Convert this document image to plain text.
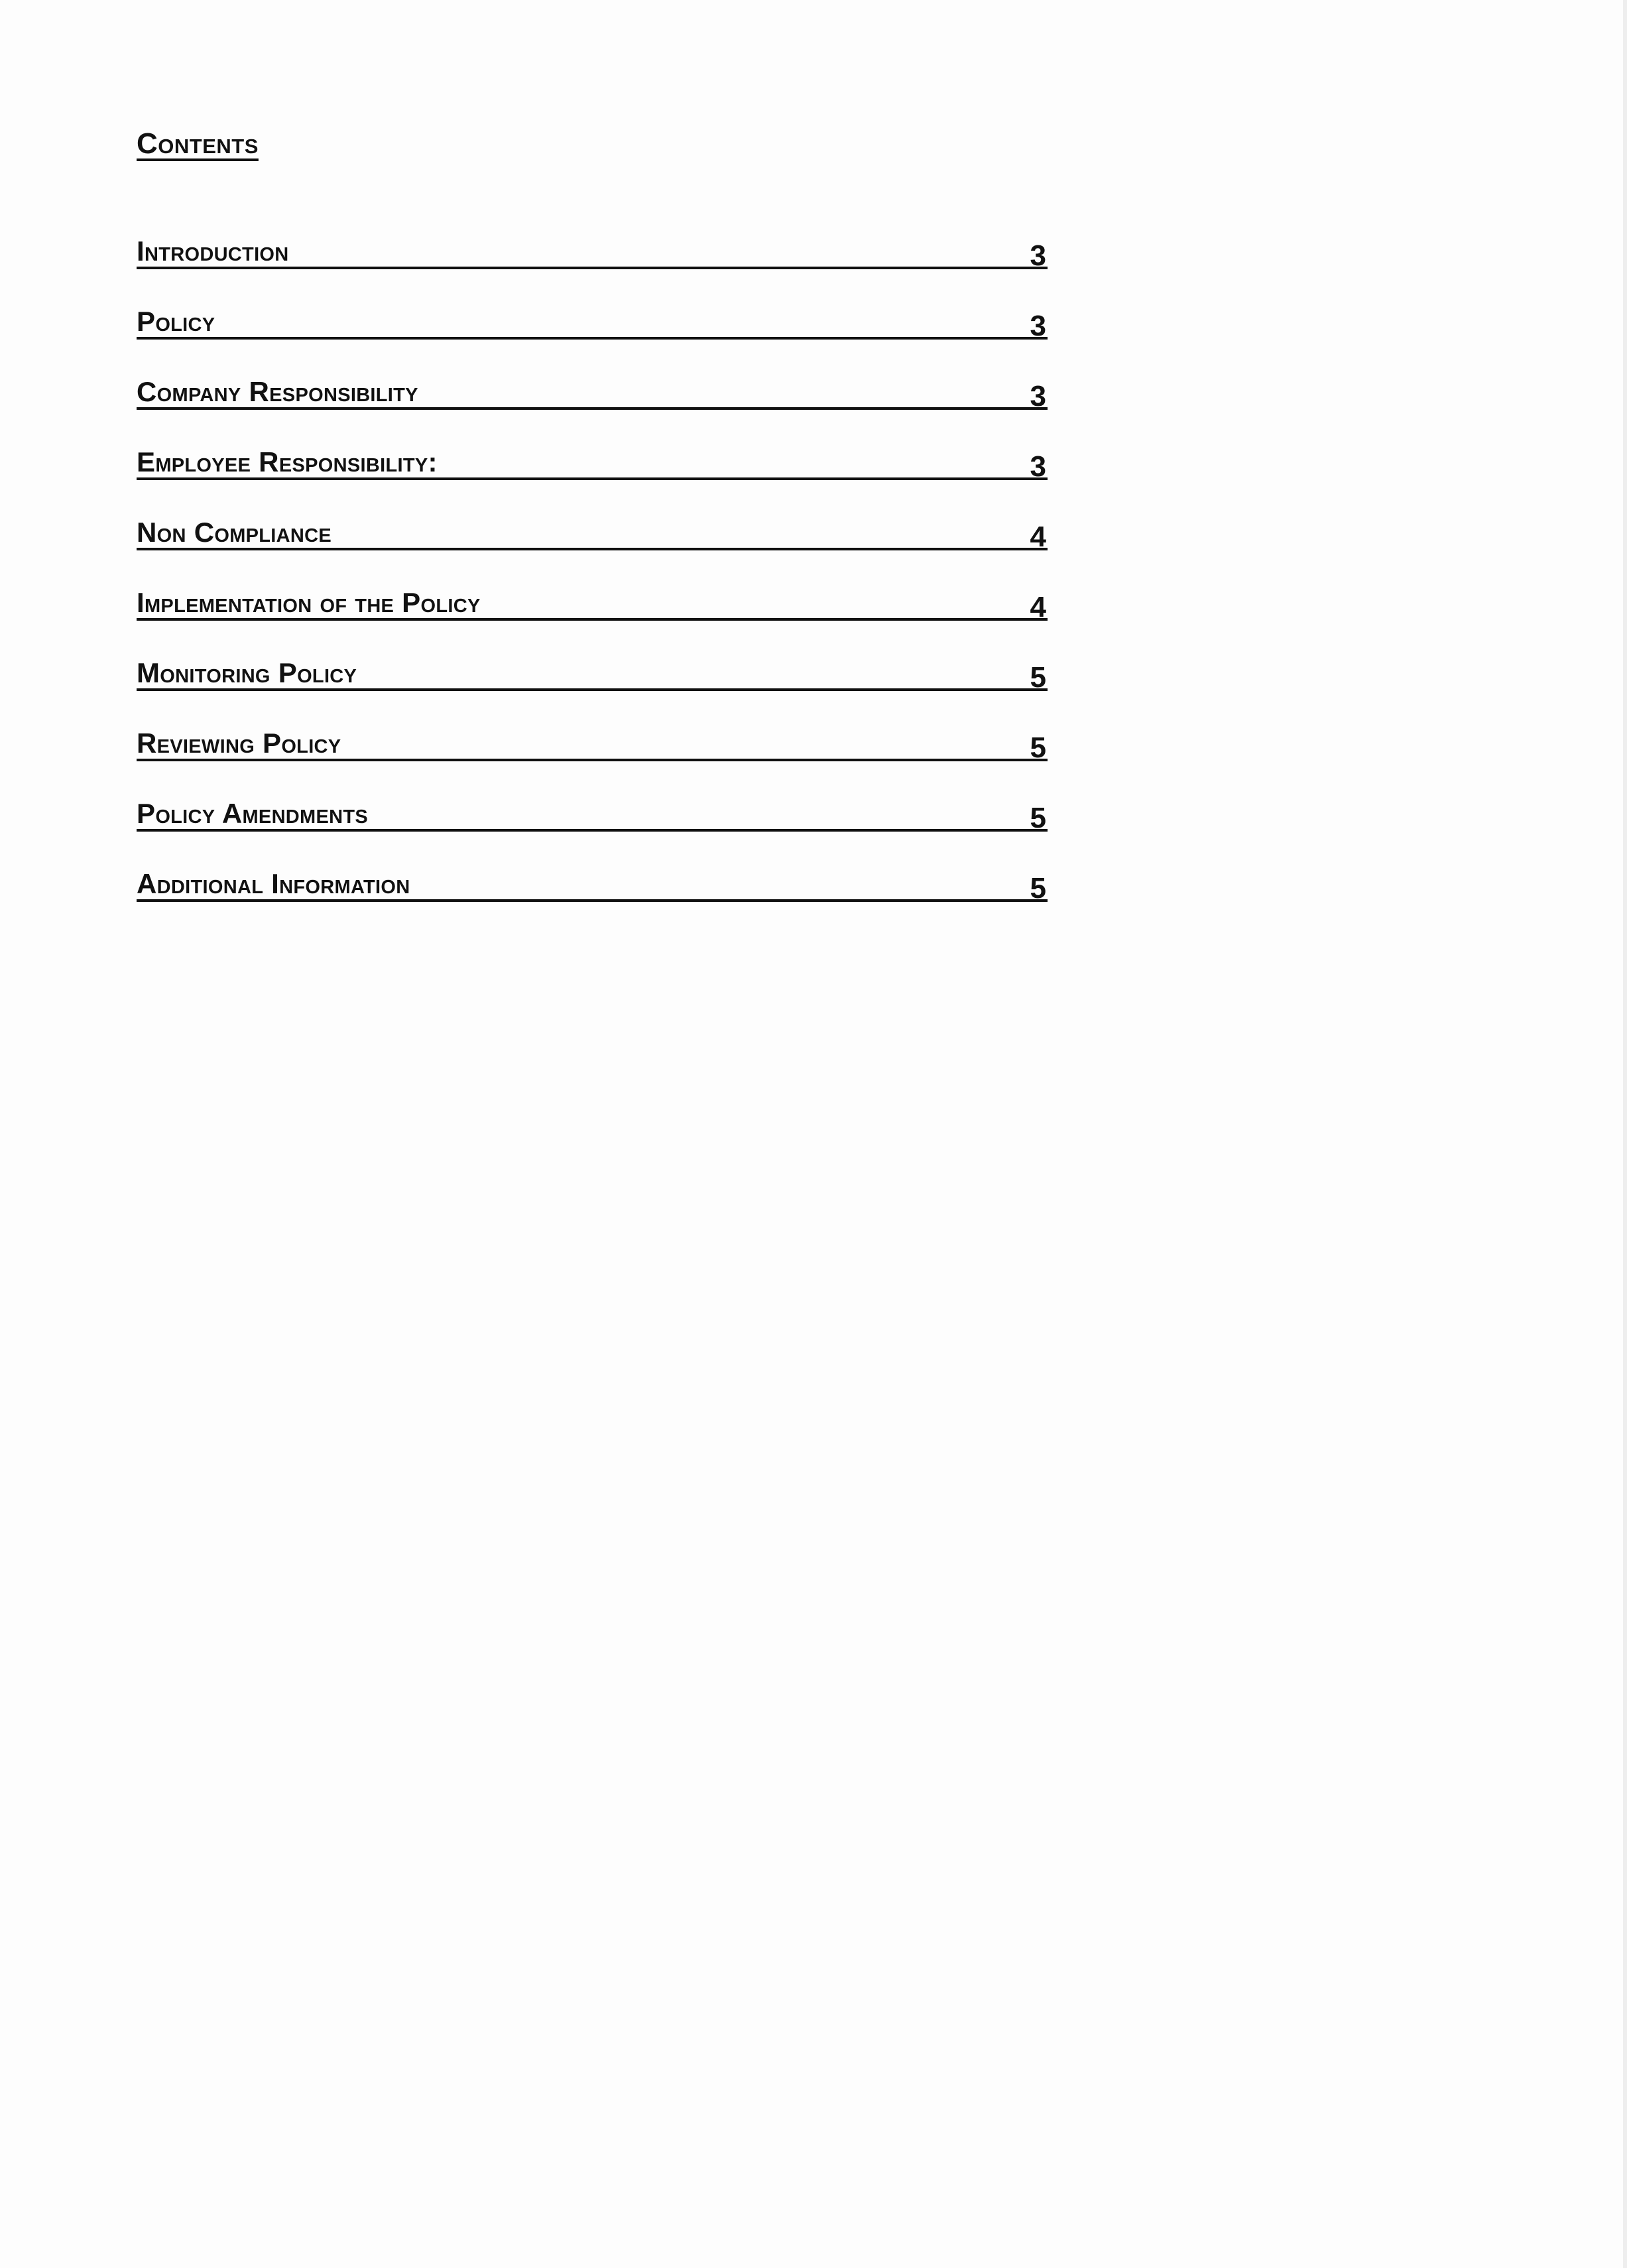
Contents
Introduction	3
Policy	3
Company Responsibility	3
Employee Responsibility:	3
Non Compliance	4
Implementation of the Policy	4
Monitoring Policy	5
Reviewing Policy	5
Policy Amendments	5
Additional Information	5
